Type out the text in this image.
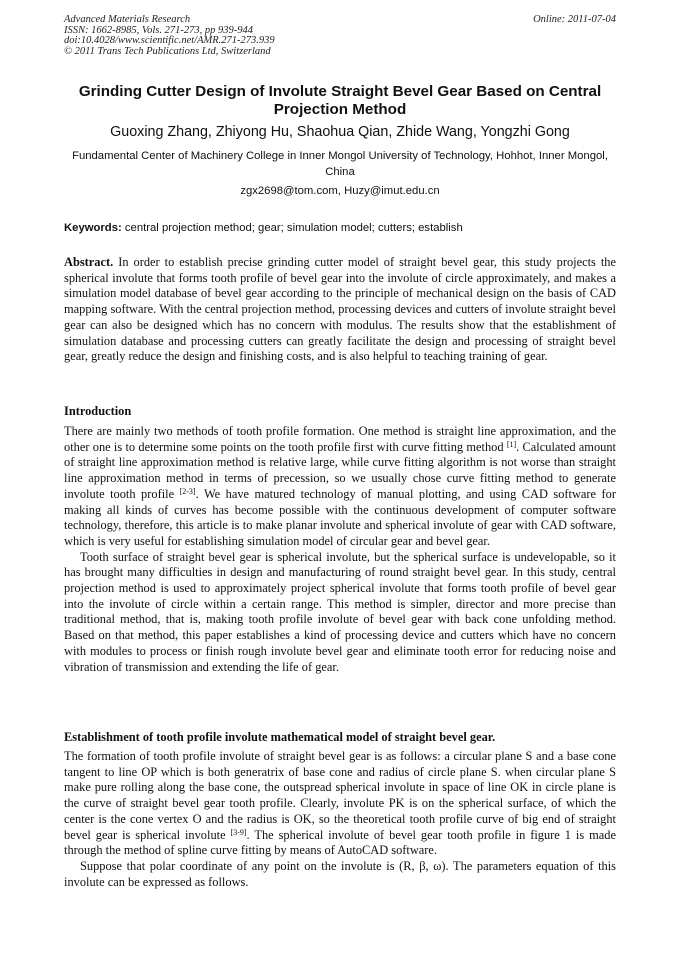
Advanced Materials Research
ISSN: 1662-8985, Vols. 271-273, pp 939-944
doi:10.4028/www.scientific.net/AMR.271-273.939
© 2011 Trans Tech Publications Ltd, Switzerland
Online: 2011-07-04
Grinding Cutter Design of Involute Straight Bevel Gear Based on Central Projection Method
Guoxing Zhang, Zhiyong Hu, Shaohua Qian, Zhide Wang, Yongzhi Gong
Fundamental Center of Machinery College in Inner Mongol University of Technology, Hohhot, Inner Mongol, China
zgx2698@tom.com, Huzy@imut.edu.cn
Keywords: central projection method; gear; simulation model; cutters; establish
Abstract. In order to establish precise grinding cutter model of straight bevel gear, this study projects the spherical involute that forms tooth profile of bevel gear into the involute of circle approximately, and makes a simulation model database of bevel gear according to the principle of mechanical design on the basis of CAD mapping software. With the central projection method, processing devices and cutters of involute straight bevel gear can also be designed which has no concern with modulus. The results show that the establishment of simulation database and processing cutters can greatly facilitate the design and processing of straight bevel gear, greatly reduce the design and finishing costs, and is also helpful to teaching training of gear.
Introduction

There are mainly two methods of tooth profile formation. One method is straight line approximation, and the other one is to determine some points on the tooth profile first with curve fitting method [1]. Calculated amount of straight line approximation method is relative large, while curve fitting algorithm is not worse than straight line approximation method in terms of precession, so we usually chose curve fitting method to generate involute tooth profile [2-3]. We have matured technology of manual plotting, and using CAD software for making all kinds of curves has become possible with the continuous development of computer software technology, therefore, this article is to make planar involute and spherical involute of gear with CAD software, which is very useful for establishing simulation model of circular gear and bevel gear.

Tooth surface of straight bevel gear is spherical involute, but the spherical surface is undevelopable, so it has brought many difficulties in design and manufacturing of round straight bevel gear. In this study, central projection method is used to approximately project spherical involute that forms tooth profile of bevel gear into the involute of circle within a certain range. This method is simpler, director and more precise than traditional method, that is, making tooth profile involute of bevel gear with back cone unfolding method. Based on that method, this paper establishes a kind of processing device and cutters which have no concern with modules to process or finish rough involute bevel gear and eliminate tooth error for reducing noise and vibration of transmission and extending the life of gear.

Establishment of tooth profile involute mathematical model of straight bevel gear.

The formation of tooth profile involute of straight bevel gear is as follows: a circular plane S and a base cone tangent to line OP which is both generatrix of base cone and radius of circle plane S. when circular plane S make pure rolling along the base cone, the outspread spherical involute in space of line OK in circle plane is the curve of straight bevel gear tooth profile. Clearly, involute PK is on the spherical surface, of which the center is the cone vertex O and the radius is OK, so the theoretical tooth profile curve of big end of straight bevel gear is spherical involute [3-9]. The spherical involute of bevel gear tooth profile in figure 1 is made through the method of spline curve fitting by means of AutoCAD software.

Suppose that polar coordinate of any point on the involute is (R, β, ω). The parameters equation of this involute can be expressed as follows.
